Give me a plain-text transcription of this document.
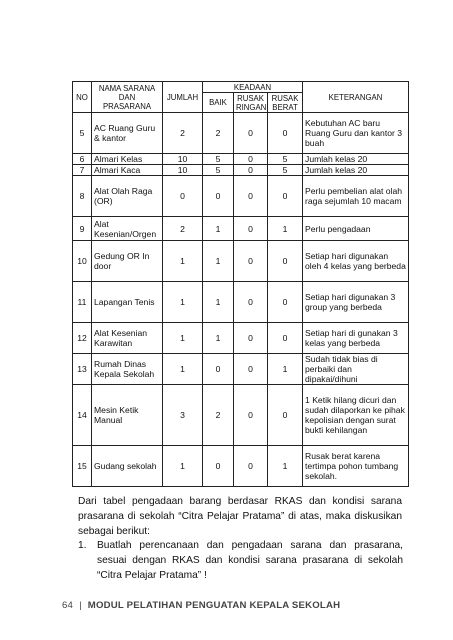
NO	NAMA SARANA DAN PRASARANA	JUMLAH	KEADAAN			KETERANGAN
			BAIK	RUSAK RINGAN	RUSAK BERAT	
5	AC Ruang Guru & kantor	2	2	0	0	Kebutuhan AC baru Ruang Guru dan kantor 3 buah
6	Almari Kelas	10	5	0	5	Jumlah kelas 20
7	Almari Kaca	10	5	0	5	Jumlah kelas 20
8	Alat Olah Raga (OR)	0	0	0	0	Perlu pembelian alat olah raga sejumlah 10 macam
9	Alat Kesenian/Orgen	2	1	0	1	Perlu pengadaan
10	Gedung OR In door	1	1	0	0	Setiap hari digunakan oleh 4 kelas yang berbeda
11	Lapangan Tenis	1	1	0	0	Setiap hari digunakan 3 group yang berbeda
12	Alat Kesenian Karawitan	1	1	0	0	Setiap hari di gunakan 3 kelas yang berbeda
13	Rumah Dinas Kepala Sekolah	1	0	0	1	Sudah tidak bias di perbaiki dan dipakai/dihuni
14	Mesin Ketik Manual	3	2	0	0	1 Ketik hilang dicuri dan sudah dilaporkan ke pihak kepolisian dengan surat bukti kehilangan
15	Gudang sekolah	1	0	0	1	Rusak berat karena tertimpa pohon tumbang sekolah.
Dari tabel pengadaan barang berdasar RKAS dan kondisi sarana prasarana di sekolah “Citra Pelajar Pratama” di atas, maka diskusikan sebagai berikut:
1. Buatlah perencanaan dan pengadaan sarana dan prasarana, sesuai dengan RKAS dan kondisi sarana prasarana di sekolah “Citra Pelajar Pratama” !
64 | MODUL PELATIHAN PENGUATAN KEPALA SEKOLAH
